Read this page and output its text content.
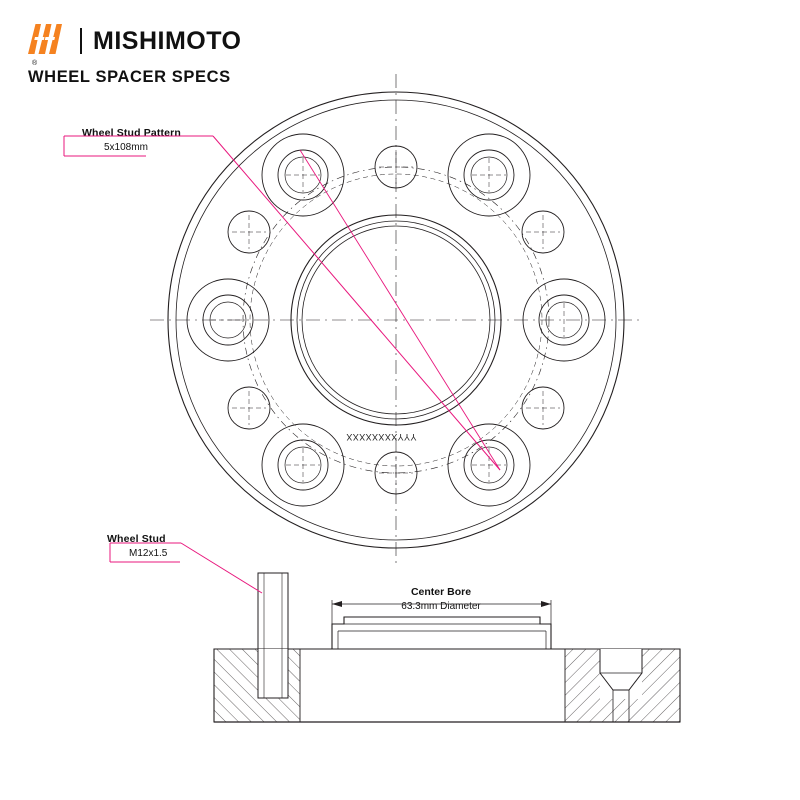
®
MISHIMOTO
WHEEL SPACER SPECS
Wheel Stud Pattern
5x108mm
Wheel Stud
M12x1.5
Center Bore
63.3mm Diameter
YYYXXXXXXXX
